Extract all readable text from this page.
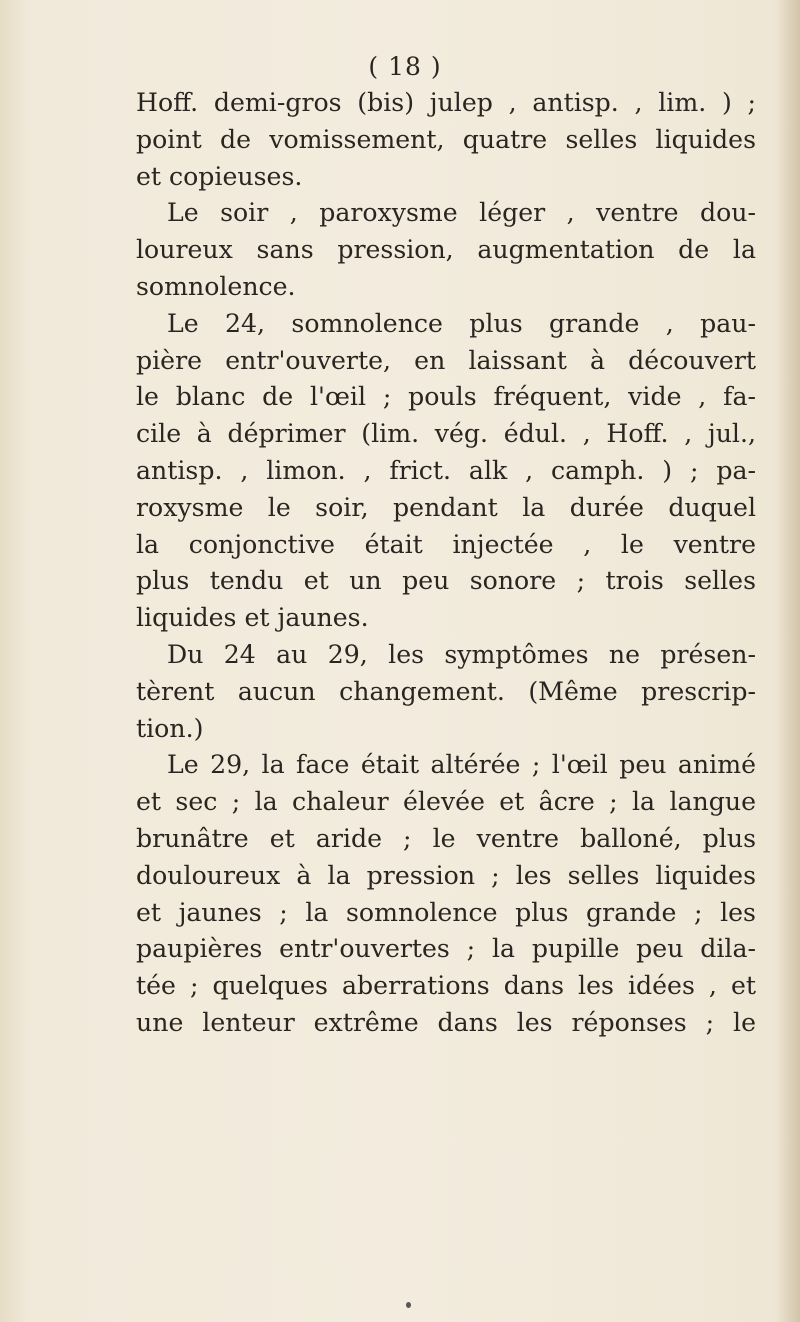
( 18 )
Hoff. demi-gros (bis) julep , antisp. , lim. ) ;
point de vomissement, quatre selles liquides
et copieuses.
Le soir , paroxysme léger , ventre dou-
loureux sans pression, augmentation de la
somnolence.
Le 24, somnolence plus grande , pau-
pière entr'ouverte, en laissant à découvert
le blanc de l'œil ; pouls fréquent, vide , fa-
cile à déprimer (lim. vég. édul. , Hoff. , jul.,
antisp. , limon. , frict. alk , camph. ) ; pa-
roxysme le soir, pendant la durée duquel
la conjonctive était injectée , le ventre
plus tendu et un peu sonore ; trois selles
liquides et jaunes.
Du 24 au 29, les symptômes ne présen-
tèrent aucun changement. (Même prescrip-
tion.)
Le 29, la face était altérée ; l'œil peu animé
et sec ; la chaleur élevée et âcre ; la langue
brunâtre et aride ; le ventre balloné, plus
douloureux à la pression ; les selles liquides
et jaunes ; la somnolence plus grande ; les
paupières entr'ouvertes ; la pupille peu dila-
tée ; quelques aberrations dans les idées , et
une lenteur extrême dans les réponses ; le
